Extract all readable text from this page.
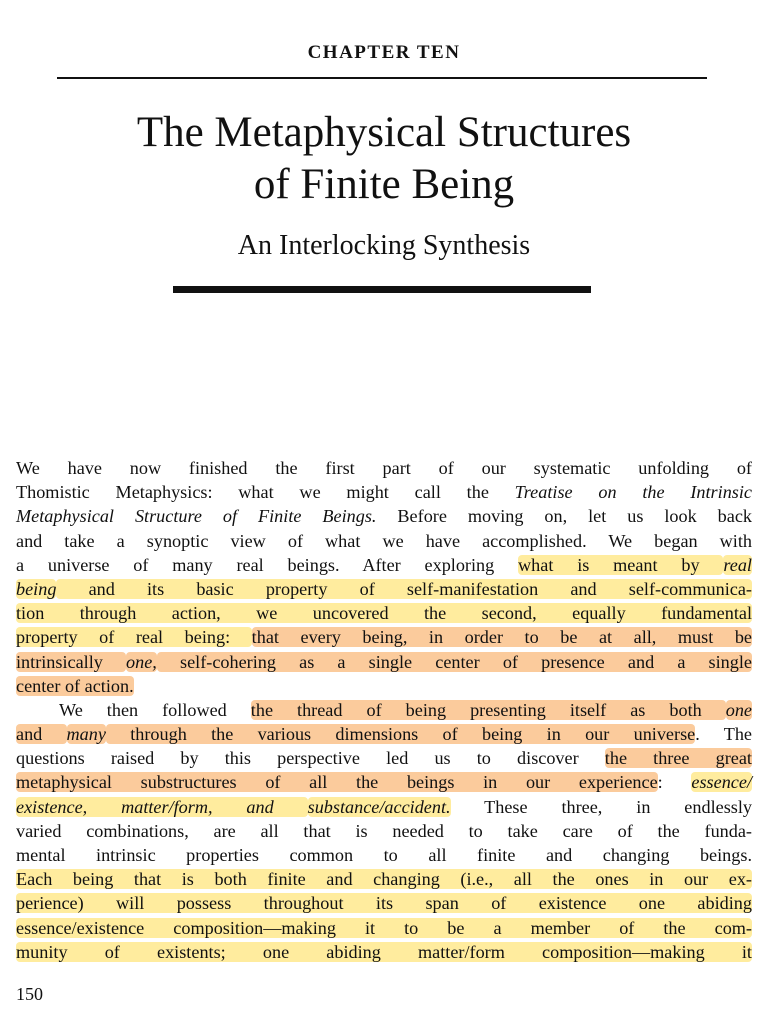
CHAPTER TEN
The Metaphysical Structures
of Finite Being
An Interlocking Synthesis
We have now finished the first part of our systematic unfolding of
Thomistic Metaphysics: what we might call the Treatise on the Intrinsic
Metaphysical Structure of Finite Beings. Before moving on, let us look back
and take a synoptic view of what we have accomplished. We began with
a universe of many real beings. After exploring what is meant by real
being and its basic property of self-manifestation and self-communica-
tion through action, we uncovered the second, equally fundamental
property of real being: that every being, in order to be at all, must be
intrinsically one, self-cohering as a single center of presence and a single
center of action.
We then followed the thread of being presenting itself as both one
and many through the various dimensions of being in our universe. The
questions raised by this perspective led us to discover the three great
metaphysical substructures of all the beings in our experience: essence/
existence, matter/form, and substance/accident. These three, in endlessly
varied combinations, are all that is needed to take care of the funda-
mental intrinsic properties common to all finite and changing beings.
Each being that is both finite and changing (i.e., all the ones in our ex-
perience) will possess throughout its span of existence one abiding
essence/existence composition—making it to be a member of the com-
munity of existents; one abiding matter/form composition—making it
150
